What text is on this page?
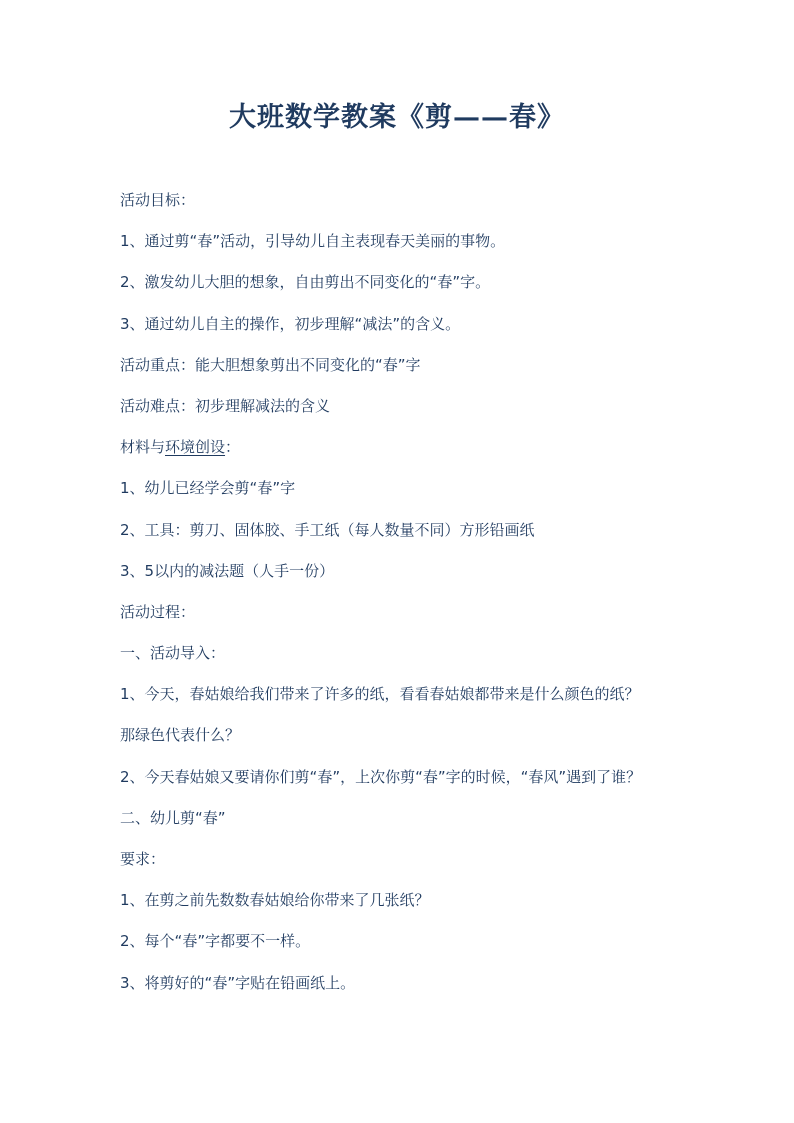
大班数学教案《剪——春》
活动目标：
1、通过剪“春”活动，引导幼儿自主表现春天美丽的事物。
2、激发幼儿大胆的想象，自由剪出不同变化的“春”字。
3、通过幼儿自主的操作，初步理解“减法”的含义。
活动重点：能大胆想象剪出不同变化的“春”字
活动难点：初步理解减法的含义
材料与环境创设：
1、幼儿已经学会剪“春”字
2、工具：剪刀、固体胶、手工纸（每人数量不同）方形铅画纸
3、5以内的减法题（人手一份）
活动过程：
一、活动导入：
1、今天，春姑娘给我们带来了许多的纸，看看春姑娘都带来是什么颜色的纸？
那绿色代表什么？
2、今天春姑娘又要请你们剪“春”，上次你剪“春”字的时候，“春风”遇到了谁？
二、幼儿剪“春”
要求：
1、在剪之前先数数春姑娘给你带来了几张纸？
2、每个“春”字都要不一样。
3、将剪好的“春”字贴在铅画纸上。
